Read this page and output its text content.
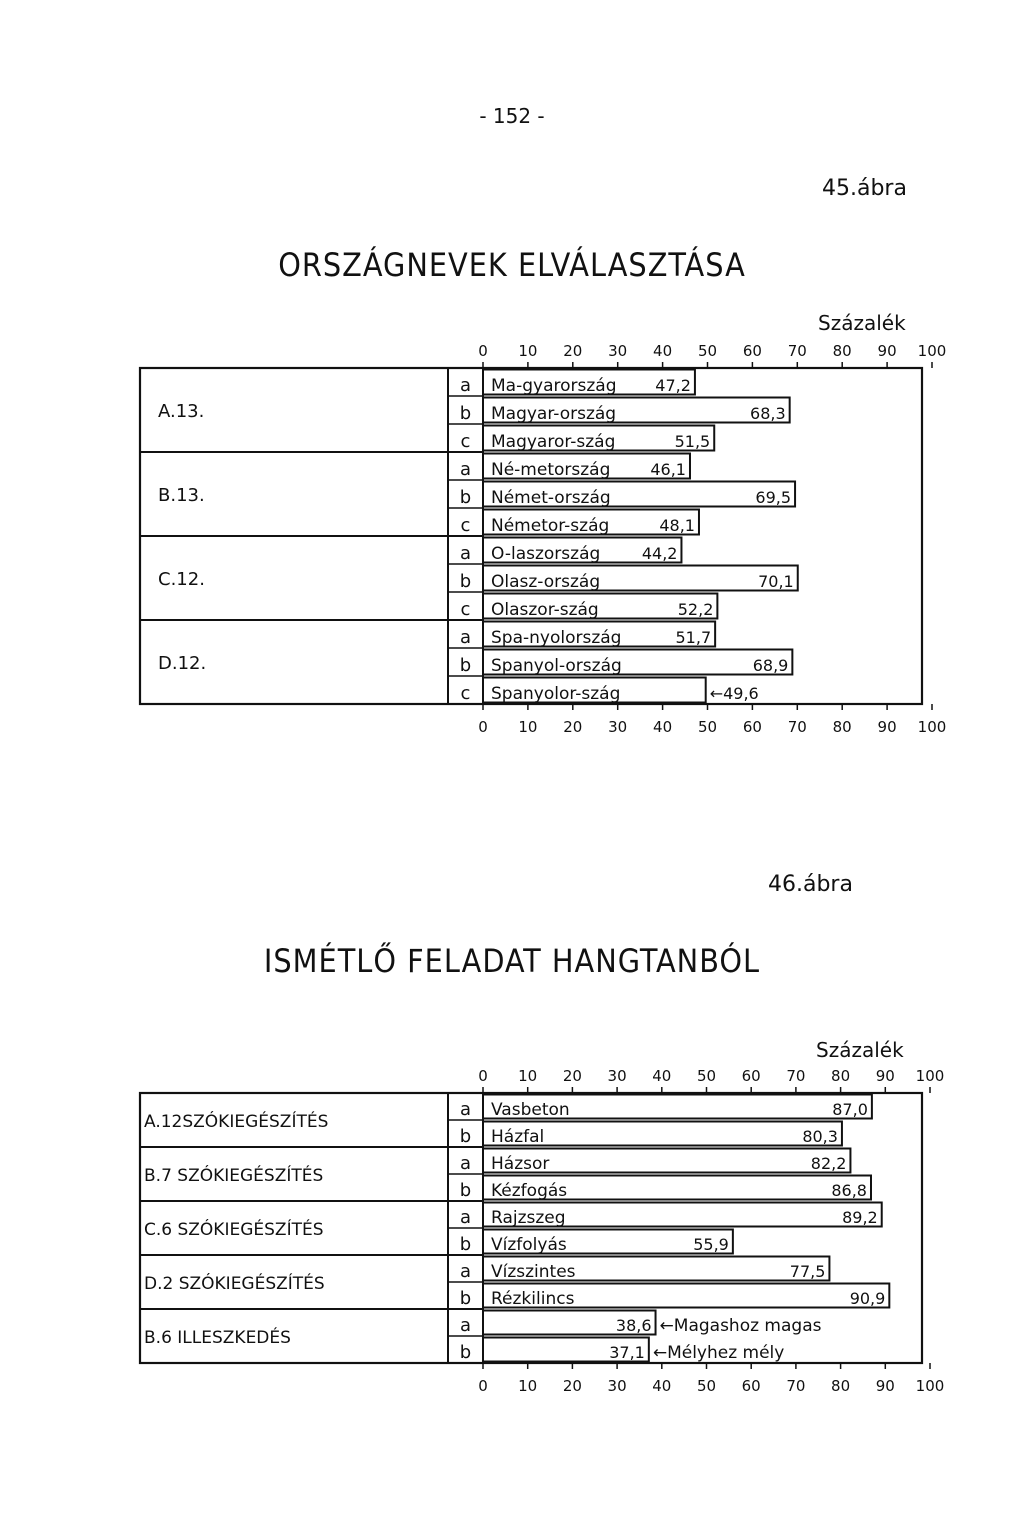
- 152 -
45.ábra
ORSZÁGNEVEK ELVÁLASZTÁSA
46.ábra
ISMÉTLŐ FELADAT HANGTANBÓL
Százalék
0
0
10
10
20
20
30
30
40
40
50
50
60
60
70
70
80
80
90
90
100
100
A.13.
a Ma-gyarország 47,2
b Magyar-ország	68,3
c Magyaror-szág	51,5
B.13.
a Né-metország 46,1
b Német-ország	69,5
c Németor-szág	48,1
C.12.
a O-laszország	44,2
b Olasz-ország	70,1
c Olaszor-szág	52,2
D.12.
a Spa-nyolország	51,7
b Spanyol-ország	68,9
c Spanyolor-szág	←49,6
Százalék
0
0
10
10
20
20
30
30
40
40
50
50
60
60
70
70
80
80
90
90
100
100
A.12SZÓKIEGÉSZÍTÉS
a Vasbeton	87,0
b Házfal	80,3
B.7 SZÓKIEGÉSZÍTÉS
a Házsor	82,2
b Kézfogás	86,8
C.6 SZÓKIEGÉSZÍTÉS
a Rajzszeg	89,2
b Vízfolyás	55,9
D.2 SZÓKIEGÉSZÍTÉS
a Vízszintes	77,5
b Rézkilincs	90,9
B.6 ILLESZKEDÉS
a	38,6 ←Magashoz magas
b	37,1 ←Mélyhez mély
